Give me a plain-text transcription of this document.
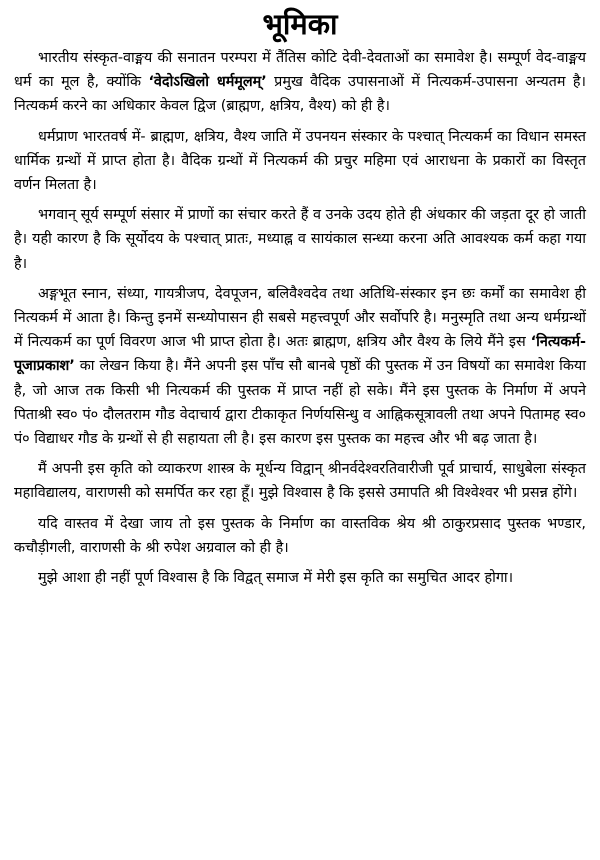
भूमिका

भारतीय संस्कृत-वाङ्मय की सनातन परम्परा में तैंतिस कोटि देवी-देवताओं का समावेश है। सम्पूर्ण वेद-वाङ्मय धर्म का मूल है, क्योंकि ‘वेदोऽखिलो धर्ममूलम्’ प्रमुख वैदिक उपासनाओं में नित्यकर्म-उपासना अन्यतम है। नित्यकर्म करने का अधिकार केवल द्विज (ब्राह्मण, क्षत्रिय, वैश्य) को ही है।

धर्मप्राण भारतवर्ष में- ब्राह्मण, क्षत्रिय, वैश्य जाति में उपनयन संस्कार के पश्चात् नित्यकर्म का विधान समस्त धार्मिक ग्रन्थों में प्राप्त होता है। वैदिक ग्रन्थों में नित्यकर्म की प्रचुर महिमा एवं आराधना के प्रकारों का विस्तृत वर्णन मिलता है।

भगवान् सूर्य सम्पूर्ण संसार में प्राणों का संचार करते हैं व उनके उदय होते ही अंधकार की जड़ता दूर हो जाती है। यही कारण है कि सूर्योदय के पश्चात् प्रातः, मध्याह्न व सायंकाल सन्ध्या करना अति आवश्यक कर्म कहा गया है।

अङ्गभूत स्नान, संध्या, गायत्रीजप, देवपूजन, बलिवैश्वदेव तथा अतिथि-संस्कार इन छः कर्मों का समावेश ही नित्यकर्म में आता है। किन्तु इनमें सन्ध्योपासन ही सबसे महत्त्वपूर्ण और सर्वोपरि है। मनुस्मृति तथा अन्य धर्मग्रन्थों में नित्यकर्म का पूर्ण विवरण आज भी प्राप्त होता है। अतः ब्राह्मण, क्षत्रिय और वैश्य के लिये मैंने इस ‘नित्यकर्म-पूजाप्रकाश’ का लेखन किया है। मैंने अपनी इस पाँच सौ बानबे पृष्ठों की पुस्तक में उन विषयों का समावेश किया है, जो आज तक किसी भी नित्यकर्म की पुस्तक में प्राप्त नहीं हो सके। मैंने इस पुस्तक के निर्माण में अपने पिताश्री स्व० पं० दौलतराम गौड वेदाचार्य द्वारा टीकाकृत निर्णयसिन्धु व आह्निकसूत्रावली तथा अपने पितामह स्व० पं० विद्याधर गौड के ग्रन्थों से ही सहायता ली है। इस कारण इस पुस्तक का महत्त्व और भी बढ़ जाता है।

मैं अपनी इस कृति को व्याकरण शास्त्र के मूर्धन्य विद्वान् श्रीनर्वदेश्वरतिवारीजी पूर्व प्राचार्य, साधुबेला संस्कृत महाविद्यालय, वाराणसी को समर्पित कर रहा हूँ। मुझे विश्वास है कि इससे उमापति श्री विश्वेश्वर भी प्रसन्न होंगे।

यदि वास्तव में देखा जाय तो इस पुस्तक के निर्माण का वास्तविक श्रेय श्री ठाकुरप्रसाद पुस्तक भण्डार, कचौड़ीगली, वाराणसी के श्री रुपेश अग्रवाल को ही है।

मुझे आशा ही नहीं पूर्ण विश्वास है कि विद्वत् समाज में मेरी इस कृति का समुचित आदर होगा।
